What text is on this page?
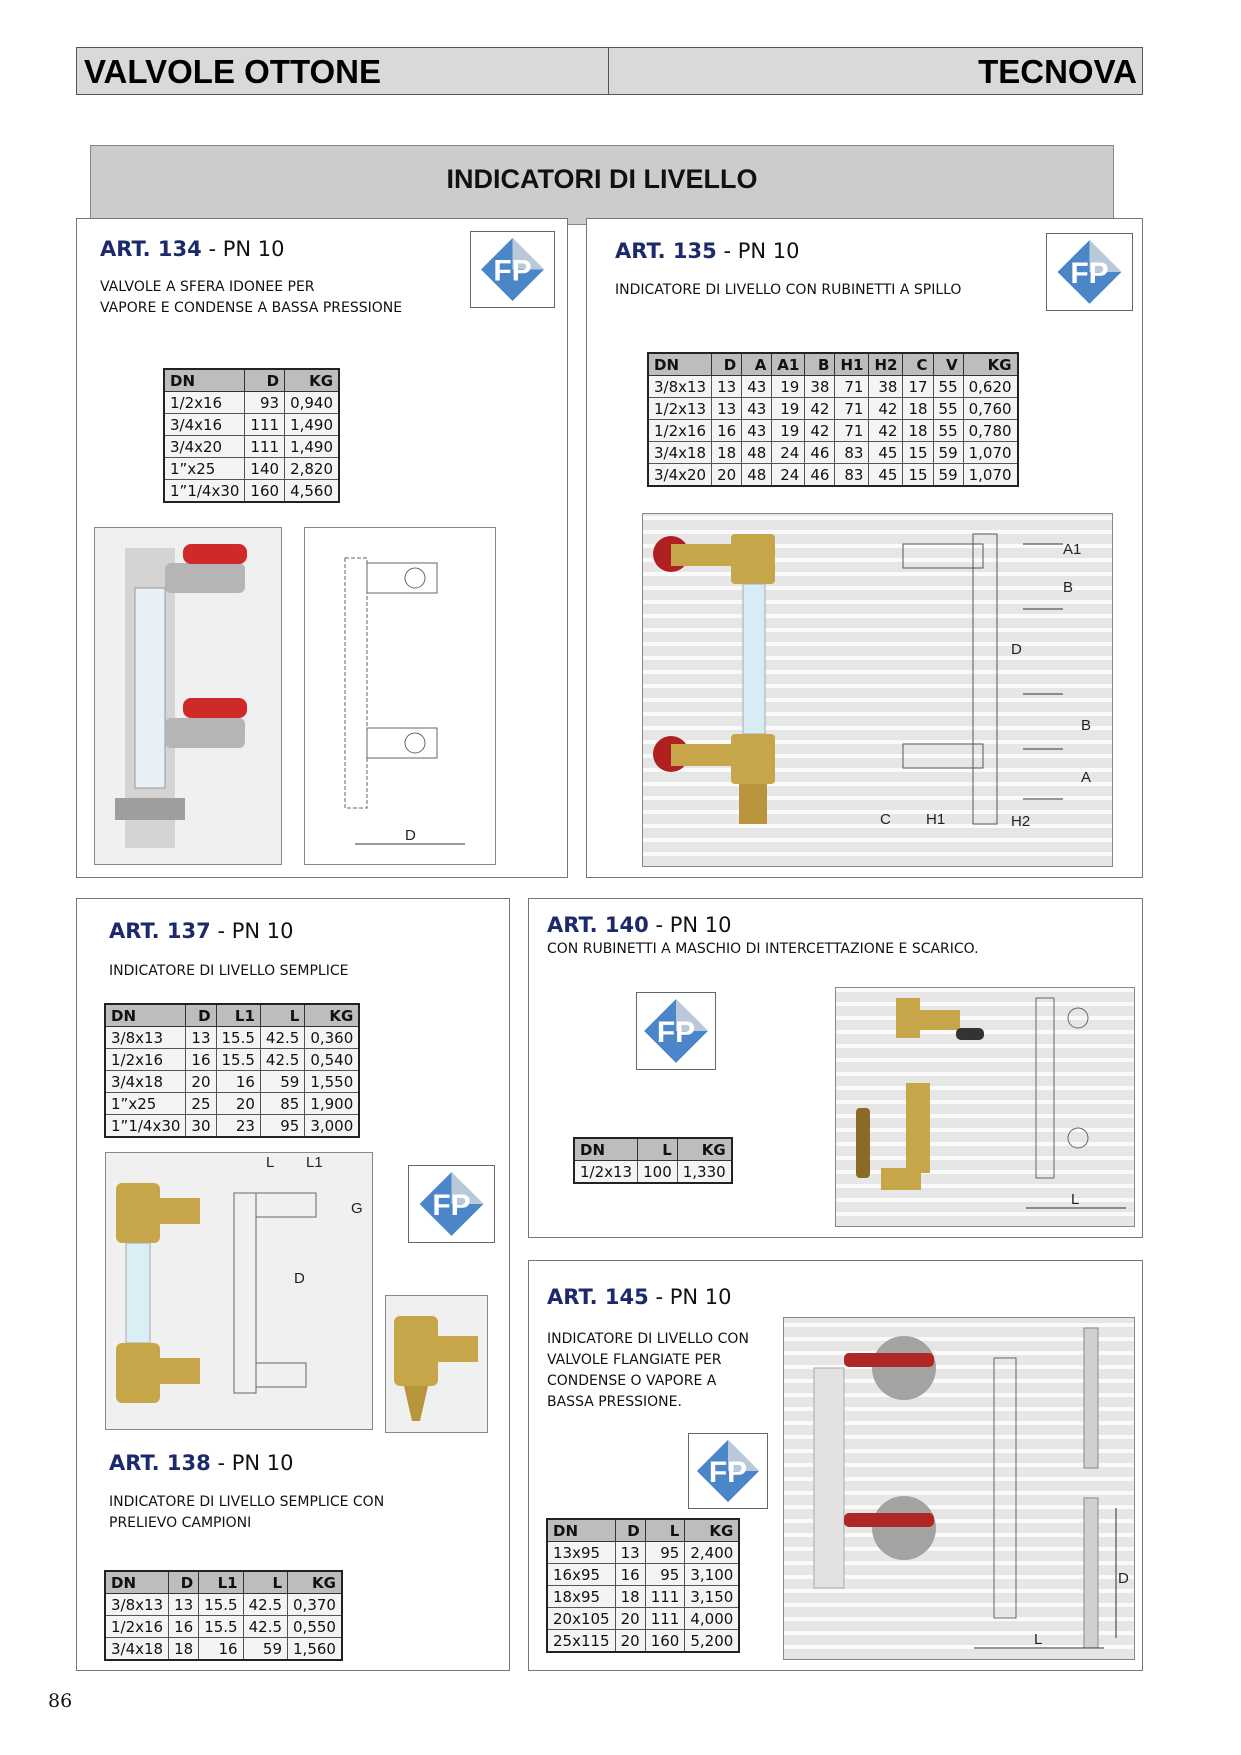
VALVOLE OTTONE	TECNOVA
INDICATORI DI LIVELLO
ART. 134 - PN 10
VALVOLE A SFERA IDONEE PER
VAPORE E CONDENSE A BASSA PRESSIONE
FP
DN	D	KG
1/2x16	93	0,940
3/4x16	111	1,490
3/4x20	111	1,490
1”x25	140	2,820
1”1/4x30	160	4,560
D
ART. 135 - PN 10
INDICATORE DI LIVELLO CON RUBINETTI A SPILLO	FP
DN	D	A	A1	B	H1	H2	C	V	KG
3/8x13	13	43	19	38	71	38	17	55	0,620
1/2x13	13	43	19	42	71	42	18	55	0,760
1/2x16	16	43	19	42	71	42	18	55	0,780
3/4x18	18	48	24	46	83	45	15	59	1,070
3/4x20	20	48	24	46	83	45	15	59	1,070
A1
B
D
B
A
C H1	H2
ART. 137 - PN 10
INDICATORE DI LIVELLO SEMPLICE
DN	D	L1	L	KG
3/8x13	13	15.5	42.5	0,360
1/2x16	16	15.5	42.5	0,540
3/4x18	20	16	59	1,550
1”x25	25	20	85	1,900
1”1/4x30	30	23	95	3,000
L L1
G
D
FP
ART. 138 - PN 10
INDICATORE DI LIVELLO SEMPLICE CON
PRELIEVO CAMPIONI
DN	D	L1	L	KG
3/8x13	13	15.5	42.5	0,370
1/2x16	16	15.5	42.5	0,550
3/4x18	18	16	59	1,560
ART. 140 - PN 10
CON RUBINETTI A MASCHIO DI INTERCETTAZIONE E SCARICO.
FP
DN	L	KG
1/2x13	100	1,330
L
ART. 145 - PN 10
INDICATORE DI LIVELLO CON
VALVOLE FLANGIATE PER
CONDENSE O VAPORE A
BASSA PRESSIONE.
FP
DN	D	L	KG
13x95	13	95	2,400
16x95	16	95	3,100
18x95	18	111	3,150
20x105	20	111	4,000
25x115	20	160	5,200
D
L
86
